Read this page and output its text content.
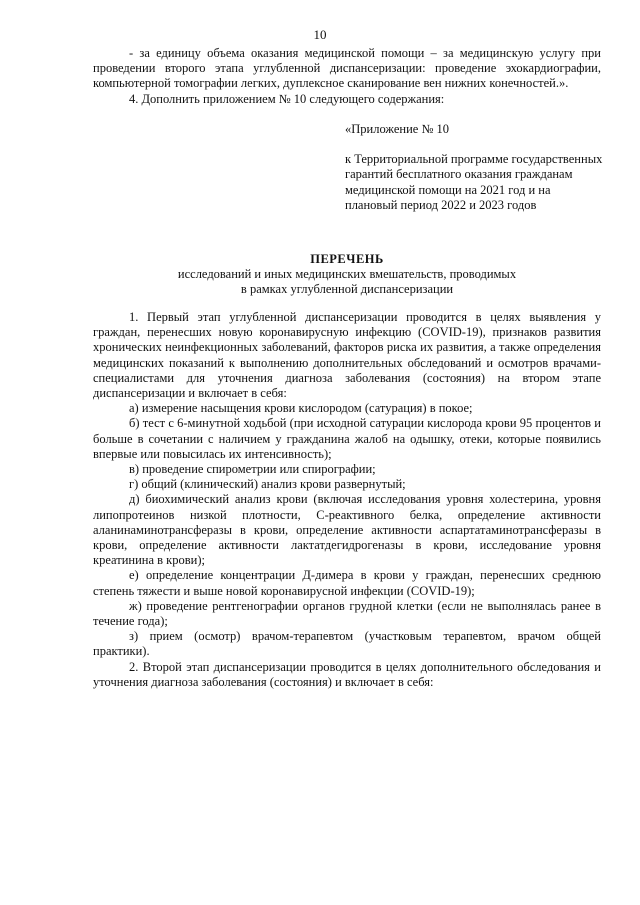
10

- за единицу объема оказания медицинской помощи – за медицинскую услугу при проведении второго этапа углубленной диспансеризации: проведение эхокардиографии, компьютерной томографии легких, дуплексное сканирование вен нижних конечностей.».

4. Дополнить приложением № 10 следующего содержания:

«Приложение № 10

к Территориальной программе государственных гарантий бесплатного оказания гражданам медицинской помощи на 2021 год и на плановый период 2022 и 2023 годов

ПЕРЕЧЕНЬ

исследований и иных медицинских вмешательств, проводимых

в рамках углубленной диспансеризации

1. Первый этап углубленной диспансеризации проводится в целях выявления у граждан, перенесших новую коронавирусную инфекцию (COVID-19), признаков развития хронических неинфекционных заболеваний, факторов риска их развития, а также определения медицинских показаний к выполнению дополнительных обследований и осмотров врачами-специалистами для уточнения диагноза заболевания (состояния) на втором этапе диспансеризации и включает в себя:

а) измерение насыщения крови кислородом (сатурация) в покое;

б) тест с 6-минутной ходьбой (при исходной сатурации кислорода крови 95 процентов и больше в сочетании с наличием у гражданина жалоб на одышку, отеки, которые появились впервые или повысилась их интенсивность);

в) проведение спирометрии или спирографии;

г) общий (клинический) анализ крови развернутый;

д) биохимический анализ крови (включая исследования уровня холестерина, уровня липопротеинов низкой плотности, С-реактивного белка, определение активности аланинаминотрансферазы в крови, определение активности аспартатаминотрансферазы в крови, определение активности лактатдегидрогеназы в крови, исследование уровня креатинина в крови);

е) определение концентрации Д-димера в крови у граждан, перенесших среднюю степень тяжести и выше новой коронавирусной инфекции (COVID-19);

ж) проведение рентгенографии органов грудной клетки (если не выполнялась ранее в течение года);

з) прием (осмотр) врачом-терапевтом (участковым терапевтом, врачом общей практики).

2. Второй этап диспансеризации проводится в целях дополнительного обследования и уточнения диагноза заболевания (состояния) и включает в себя:
